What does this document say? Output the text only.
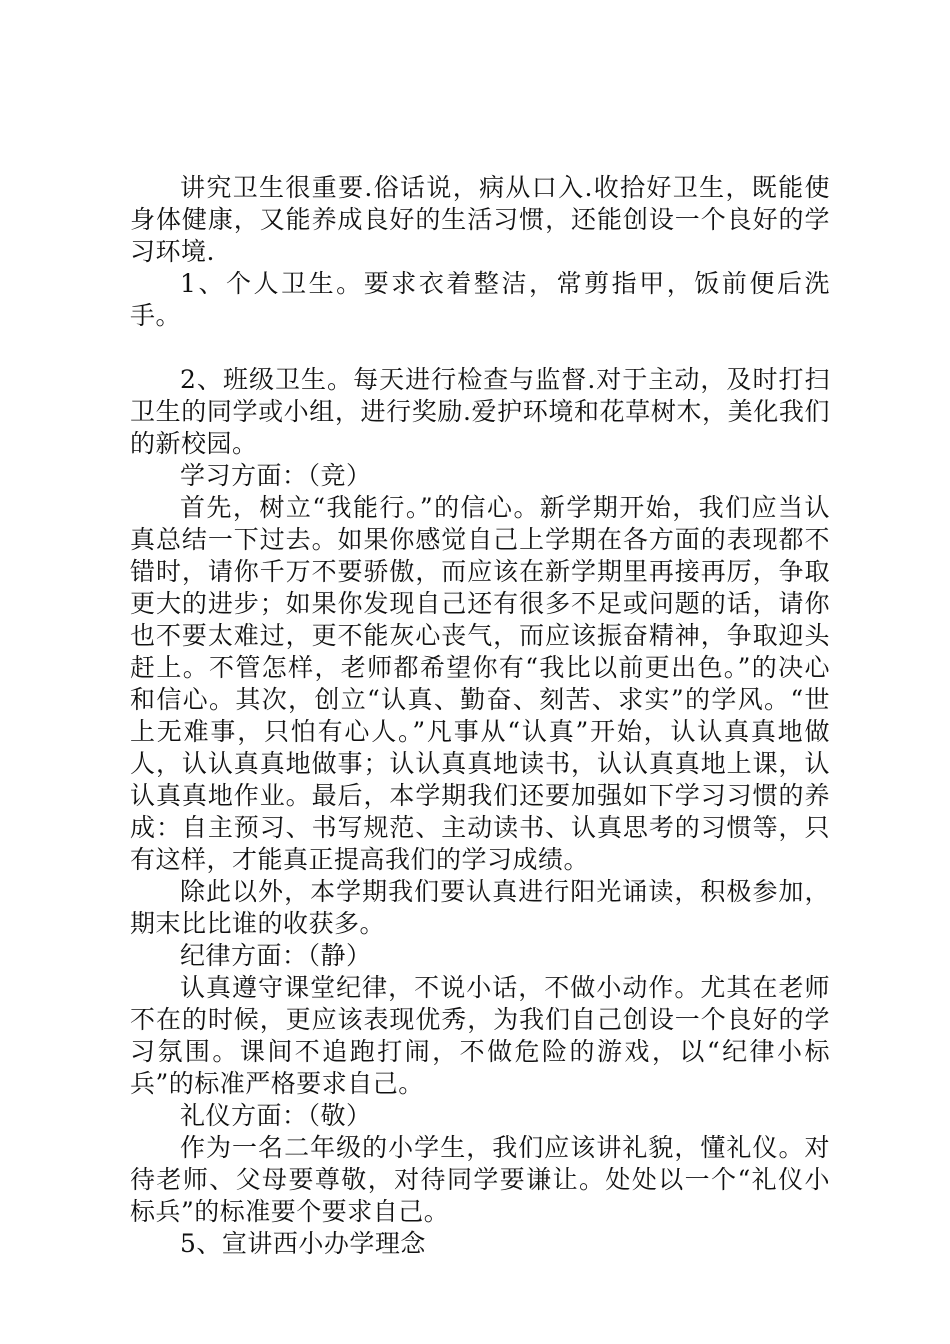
讲究卫生很重要.俗话说，病从口入.收拾好卫生，既能使身体健康，又能养成良好的生活习惯，还能创设一个良好的学习环境.

1、个人卫生。要求衣着整洁，常剪指甲，饭前便后洗手。

2、班级卫生。每天进行检查与监督.对于主动，及时打扫卫生的同学或小组，进行奖励.爱护环境和花草树木，美化我们的新校园。

学习方面：（竞）

首先，树立“我能行。”的信心。新学期开始，我们应当认真总结一下过去。如果你感觉自己上学期在各方面的表现都不错时，请你千万不要骄傲，而应该在新学期里再接再厉，争取更大的进步；如果你发现自己还有很多不足或问题的话，请你也不要太难过，更不能灰心丧气，而应该振奋精神，争取迎头赶上。不管怎样，老师都希望你有“我比以前更出色。”的决心和信心。其次，创立“认真、勤奋、刻苦、求实”的学风。“世上无难事，只怕有心人。”凡事从“认真”开始，认认真真地做人，认认真真地做事；认认真真地读书，认认真真地上课，认认真真地作业。最后，本学期我们还要加强如下学习习惯的养成：自主预习、书写规范、主动读书、认真思考的习惯等，只有这样，才能真正提高我们的学习成绩。

除此以外，本学期我们要认真进行阳光诵读，积极参加，期末比比谁的收获多。

纪律方面：（静）

认真遵守课堂纪律，不说小话，不做小动作。尤其在老师不在的时候，更应该表现优秀，为我们自己创设一个良好的学习氛围。课间不追跑打闹，不做危险的游戏，以“纪律小标兵”的标准严格要求自己。

礼仪方面：（敬）

作为一名二年级的小学生，我们应该讲礼貌，懂礼仪。对待老师、父母要尊敬，对待同学要谦让。处处以一个“礼仪小标兵”的标准要个要求自己。

5、宣讲西小办学理念
